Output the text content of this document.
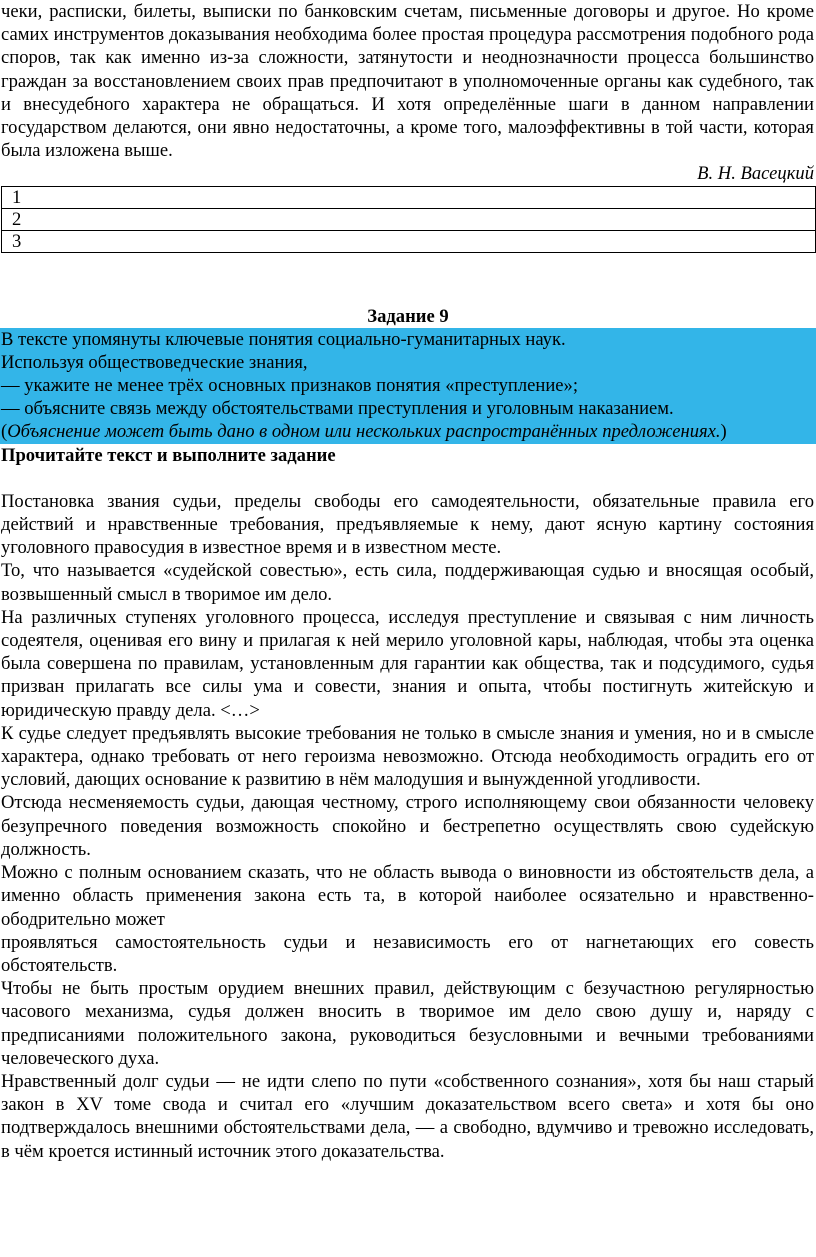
чеки, расписки, билеты, выписки по банковским счетам, письменные договоры и другое. Но кроме самих инструментов доказывания необходима более простая процедура рассмотрения подобного рода споров, так как именно из-за сложности, затянутости и неоднозначности процесса большинство граждан за восстановлением своих прав предпочитают в уполномоченные органы как судебного, так и внесудебного характера не обращаться. И хотя определённые шаги в данном направлении государством делаются, они явно недостаточны, а кроме того, малоэффективны в той части, которая была изложена выше.

В. Н. Васецкий

1
2
3
Задание 9

В тексте упомянуты ключевые понятия социально-гуманитарных наук.

Используя обществоведческие знания,

— укажите не менее трёх основных признаков понятия «преступление»;

— объясните связь между обстоятельствами преступления и уголовным наказанием.

(Объяснение может быть дано в одном или нескольких распространённых предложениях.)

Прочитайте текст и выполните задание

Постановка звания судьи, пределы свободы его самодеятельности, обязательные правила его действий и нравственные требования, предъявляемые к нему, дают ясную картину состояния уголовного правосудия в известное время и в известном месте.

То, что называется «судейской совестью», есть сила, поддерживающая судью и вносящая особый, возвышенный смысл в творимое им дело.

На различных ступенях уголовного процесса, исследуя преступление и связывая с ним личность содеятеля, оценивая его вину и прилагая к ней мерило уголовной кары, наблюдая, чтобы эта оценка была совершена по правилам, установленным для гарантии как общества, так и подсудимого, судья призван прилагать все силы ума и совести, знания и опыта, чтобы постигнуть житейскую и юридическую правду дела. <…>

К судье следует предъявлять высокие требования не только в смысле знания и умения, но и в смысле характера, однако требовать от него героизма невозможно. Отсюда необходимость оградить его от условий, дающих основание к развитию в нём малодушия и вынужденной угодливости.

Отсюда несменяемость судьи, дающая честному, строго исполняющему свои обязанности человеку безупречного поведения возможность спокойно и бестрепетно осуществлять свою судейскую должность.

Можно с полным основанием сказать, что не область вывода о виновности из обстоятельств дела, а именно область применения закона есть та, в которой наиболее осязательно и нравственно-ободрительно может

проявляться самостоятельность судьи и независимость его от нагнетающих его совесть обстоятельств.

Чтобы не быть простым орудием внешних правил, действующим с безучастною регулярностью часового механизма, судья должен вносить в творимое им дело свою душу и, наряду с предписаниями положительного закона, руководиться безусловными и вечными требованиями человеческого духа.

Нравственный долг судьи — не идти слепо по пути «собственного сознания», хотя бы наш старый закон в XV томе свода и считал его «лучшим доказательством всего света» и хотя бы оно подтверждалось внешними обстоятельствами дела, — а свободно, вдумчиво и тревожно исследовать, в чём кроется истинный источник этого доказательства.
